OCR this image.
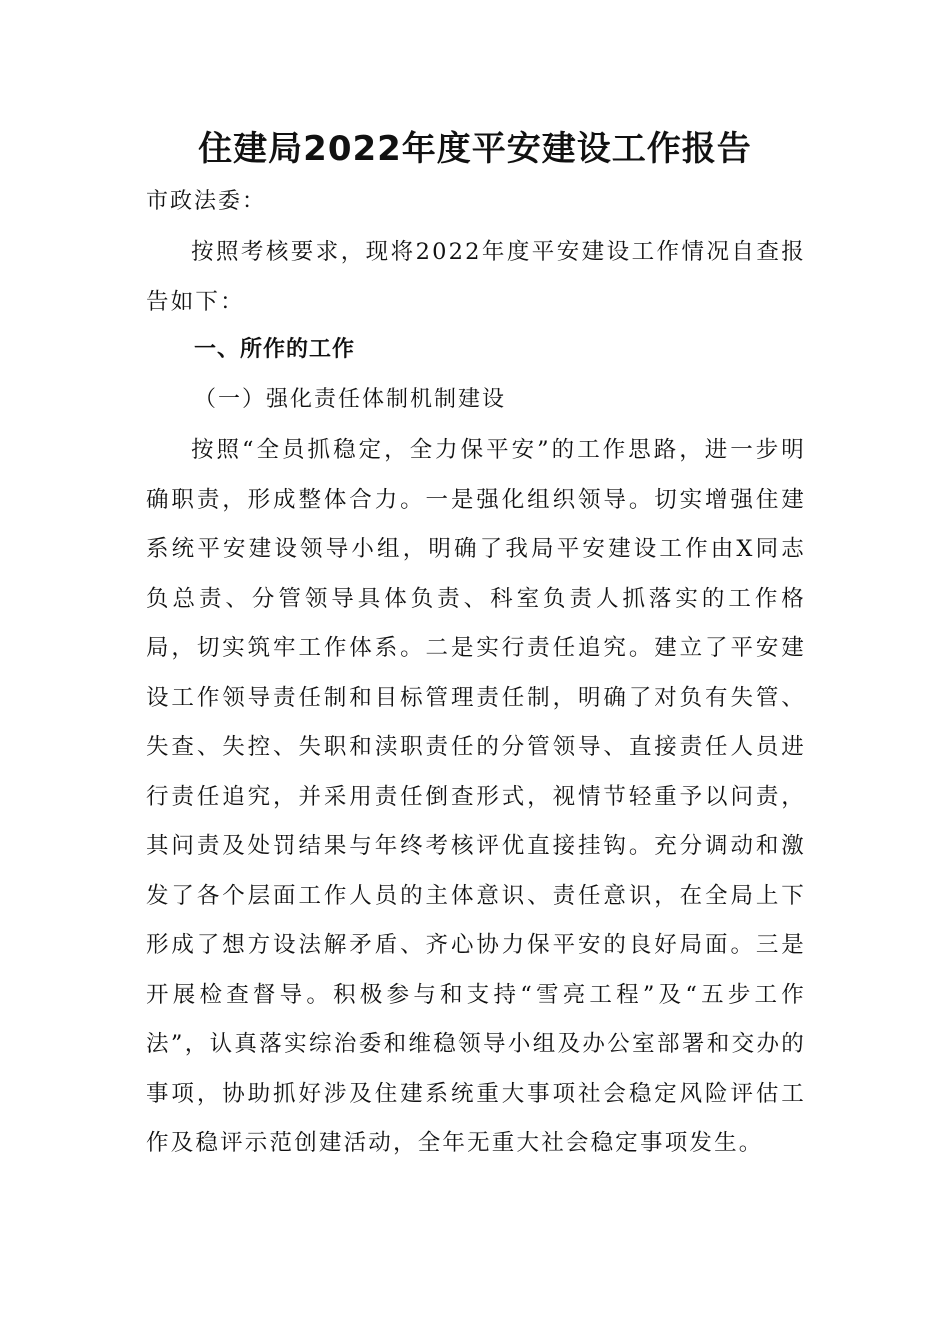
住建局2022年度平安建设工作报告
市政法委：

按照考核要求，现将2022年度平安建设工作情况自查报告如下：

一、所作的工作
（一）强化责任体制机制建设

按照“全员抓稳定，全力保平安”的工作思路，进一步明确职责，形成整体合力。一是强化组织领导。切实增强住建系统平安建设领导小组，明确了我局平安建设工作由X同志负总责、分管领导具体负责、科室负责人抓落实的工作格局，切实筑牢工作体系。二是实行责任追究。建立了平安建设工作领导责任制和目标管理责任制，明确了对负有失管、失查、失控、失职和渎职责任的分管领导、直接责任人员进行责任追究，并采用责任倒查形式，视情节轻重予以问责，其问责及处罚结果与年终考核评优直接挂钩。充分调动和激发了各个层面工作人员的主体意识、责任意识，在全局上下形成了想方设法解矛盾、齐心协力保平安的良好局面。三是开展检查督导。积极参与和支持“雪亮工程”及“五步工作法”，认真落实综治委和维稳领导小组及办公室部署和交办的事项，协助抓好涉及住建系统重大事项社会稳定风险评估工作及稳评示范创建活动，全年无重大社会稳定事项发生。
